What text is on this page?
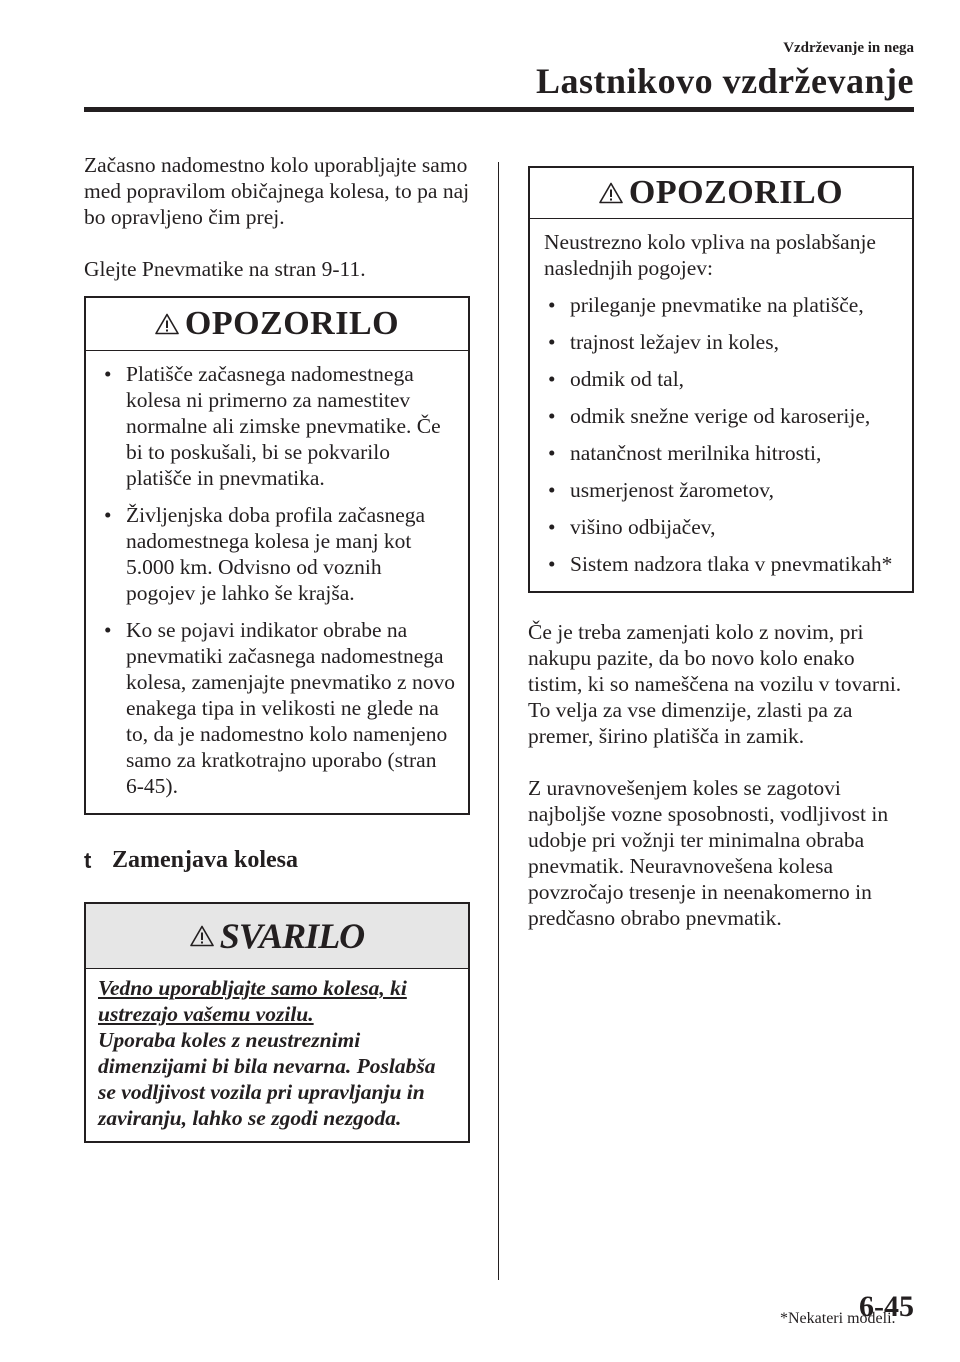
Vzdrževanje in nega
Lastnikovo vzdrževanje

Začasno nadomestno kolo uporabljajte samo med popravilom običajnega kolesa, to pa naj bo opravljeno čim prej.

Glejte Pnevmatike na stran 9-11.

OPOZORILO
• Platišče začasnega nadomestnega kolesa ni primerno za namestitev normalne ali zimske pnevmatike. Če bi to poskušali, bi se pokvarilo platišče in pnevmatika.
• Življenjska doba profila začasnega nadomestnega kolesa je manj kot 5.000 km. Odvisno od voznih pogojev je lahko še krajša.
• Ko se pojavi indikator obrabe na pnevmatiki začasnega nadomestnega kolesa, zamenjajte pnevmatiko z novo enakega tipa in velikosti ne glede na to, da je nadomestno kolo namenjeno samo za kratkotrajno uporabo (stran 6-45).
t Zamenjava kolesa
SVARILO
Vedno uporabljajte samo kolesa, ki ustrezajo vašemu vozilu.
Uporaba koles z neustreznimi dimenzijami bi bila nevarna. Poslabša se vodljivost vozila pri upravljanju in zaviranju, lahko se zgodi nezgoda.
OPOZORILO

Neustrezno kolo vpliva na poslabšanje naslednjih pogojev:

• prileganje pnevmatike na platišče,
• trajnost ležajev in koles,
• odmik od tal,
• odmik snežne verige od karoserije,
• natančnost merilnika hitrosti,
• usmerjenost žarometov,
• višino odbijačev,
• Sistem nadzora tlaka v pnevmatikah*

Če je treba zamenjati kolo z novim, pri nakupu pazite, da bo novo kolo enako tistim, ki so nameščena na vozilu v tovarni. To velja za vse dimenzije, zlasti pa za premer, širino platišča in zamik.

Z uravnovešenjem koles se zagotovi najboljše vozne sposobnosti, vodljivost in udobje pri vožnji ter minimalna obraba pnevmatik. Neuravnovešena kolesa povzročajo tresenje in neenakomerno in predčasno obrabo pnevmatik.

*Nekateri modeli.
6-45
